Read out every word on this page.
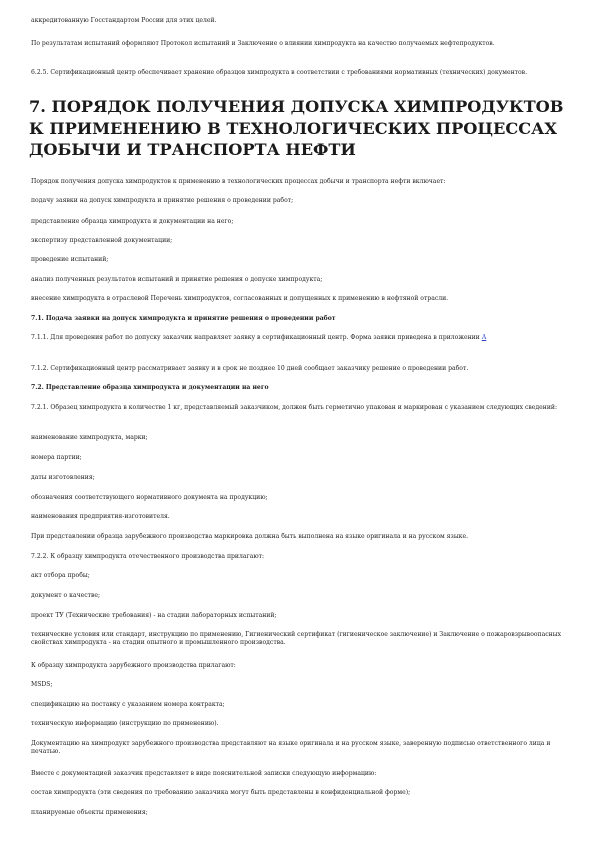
аккредитованную Госстандартом России для этих целей.

По результатам испытаний оформляют Протокол испытаний и Заключение о влиянии химпродукта на качество получаемых нефтепродуктов.

6.2.5. Сертификационный центр обеспечивает хранение образцов химпродукта в соответствии с требованиями нормативных (технических) документов.

7. ПОРЯДОК ПОЛУЧЕНИЯ ДОПУСКА ХИМПРОДУКТОВ К ПРИМЕНЕНИЮ В ТЕХНОЛОГИЧЕСКИХ ПРОЦЕССАХ ДОБЫЧИ И ТРАНСПОРТА НЕФТИ

Порядок получения допуска химпродуктов к применению в технологических процессах добычи и транспорта нефти включает:

подачу заявки на допуск химпродукта и принятие решения о проведении работ;

представление образца химпродукта и документации на него;

экспертизу представленной документации;

проведение испытаний;

анализ полученных результатов испытаний и принятие решения о допуске химпродукта;

внесение химпродукта в отраслевой Перечень химпродуктов, согласованных и допущенных к применению в нефтяной отрасли.

7.1. Подача заявки на допуск химпродукта и принятие решения о проведении работ

7.1.1. Для проведения работ по допуску заказчик направляет заявку в сертификационный центр. Форма заявки приведена в приложении А

7.1.2. Сертификационный центр рассматривает заявку и в срок не позднее 10 дней сообщает заказчику решение о проведении работ.

7.2. Представление образца химпродукта и документации на него

7.2.1. Образец химпродукта в количестве 1 кг, представляемый заказчиком, должен быть герметично упакован и маркирован с указанием следующих сведений:

наименование химпродукта, марки;

номера партии;

даты изготовления;

обозначения соответствующего нормативного документа на продукцию;

наименования предприятия-изготовителя.

При представлении образца зарубежного производства маркировка должна быть выполнена на языке оригинала и на русском языке.

7.2.2. К образцу химпродукта отечественного производства прилагают:

акт отбора пробы;

документ о качестве;

проект ТУ (Технические требования) - на стадии лабораторных испытаний;

технические условия или стандарт, инструкцию по применению, Гигиенический сертификат (гигиеническое заключение) и Заключение о пожаровзрывоопасных свойствах химпродукта - на стадии опытного и промышленного производства.

К образцу химпродукта зарубежного производства прилагают:

MSDS;

спецификацию на поставку с указанием номера контракта;

техническую информацию (инструкцию по применению).

Документацию на химпродукт зарубежного производства представляют на языке оригинала и на русском языке, заверенную подписью ответственного лица и печатью.

Вместе с документацией заказчик представляет в виде пояснительной записки следующую информацию:

состав химпродукта (эти сведения по требованию заказчика могут быть представлены в конфиденциальной форме);

планируемые объекты применения;
